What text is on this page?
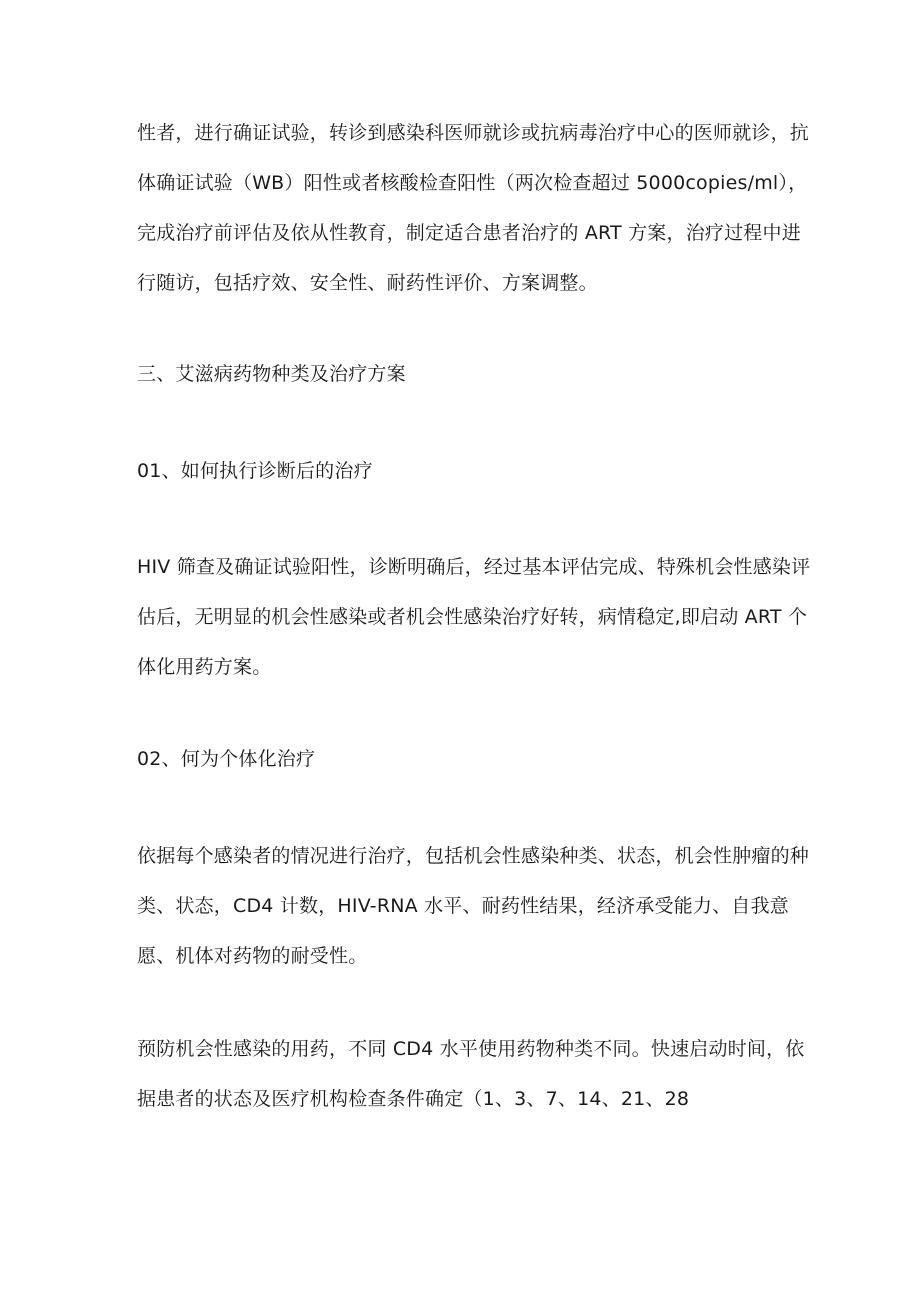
性者，进行确证试验，转诊到感染科医师就诊或抗病毒治疗中心的医师就诊，抗
体确证试验（WB）阳性或者核酸检查阳性（两次检查超过 5000copies/ml），
完成治疗前评估及依从性教育，制定适合患者治疗的 ART 方案，治疗过程中进
行随访，包括疗效、安全性、耐药性评价、方案调整。

三、艾滋病药物种类及治疗方案

01、如何执行诊断后的治疗

HIV 筛查及确证试验阳性，诊断明确后，经过基本评估完成、特殊机会性感染评
估后，无明显的机会性感染或者机会性感染治疗好转，病情稳定,即启动 ART 个
体化用药方案。

02、何为个体化治疗

依据每个感染者的情况进行治疗，包括机会性感染种类、状态，机会性肿瘤的种
类、状态，CD4 计数，HIV-RNA 水平、耐药性结果，经济承受能力、自我意
愿、机体对药物的耐受性。

预防机会性感染的用药，不同 CD4 水平使用药物种类不同。快速启动时间，依
据患者的状态及医疗机构检查条件确定（1、3、7、14、21、28
